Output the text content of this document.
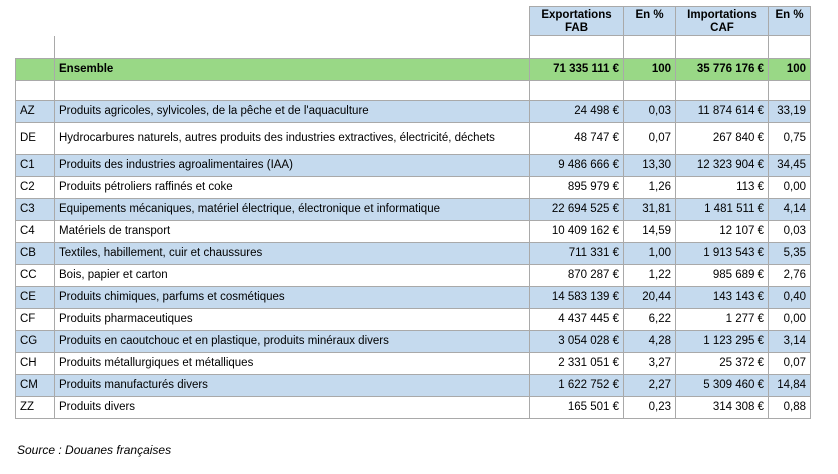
		Exportations FAB	En %	Importations CAF	En %

	Ensemble	71 335 111 €	100	35 776 176 €	100

AZ	Produits agricoles, sylvicoles, de la pêche et de l'aquaculture	24 498 €	0,03	11 874 614 €	33,19
DE	Hydrocarbures naturels, autres produits des industries extractives, électricité, déchets	48 747 €	0,07	267 840 €	0,75
C1	Produits des industries agroalimentaires (IAA)	9 486 666 €	13,30	12 323 904 €	34,45
C2	Produits pétroliers raffinés et coke	895 979 €	1,26	113 €	0,00
C3	Equipements mécaniques, matériel électrique, électronique et informatique	22 694 525 €	31,81	1 481 511 €	4,14
C4	Matériels de transport	10 409 162 €	14,59	12 107 €	0,03
CB	Textiles, habillement, cuir et chaussures	711 331 €	1,00	1 913 543 €	5,35
CC	Bois, papier et carton	870 287 €	1,22	985 689 €	2,76
CE	Produits chimiques, parfums et cosmétiques	14 583 139 €	20,44	143 143 €	0,40
CF	Produits pharmaceutiques	4 437 445 €	6,22	1 277 €	0,00
CG	Produits en caoutchouc et en plastique, produits minéraux divers	3 054 028 €	4,28	1 123 295 €	3,14
CH	Produits métallurgiques et métalliques	2 331 051 €	3,27	25 372 €	0,07
CM	Produits manufacturés divers	1 622 752 €	2,27	5 309 460 €	14,84
ZZ	Produits divers	165 501 €	0,23	314 308 €	0,88
Source : Douanes françaises
